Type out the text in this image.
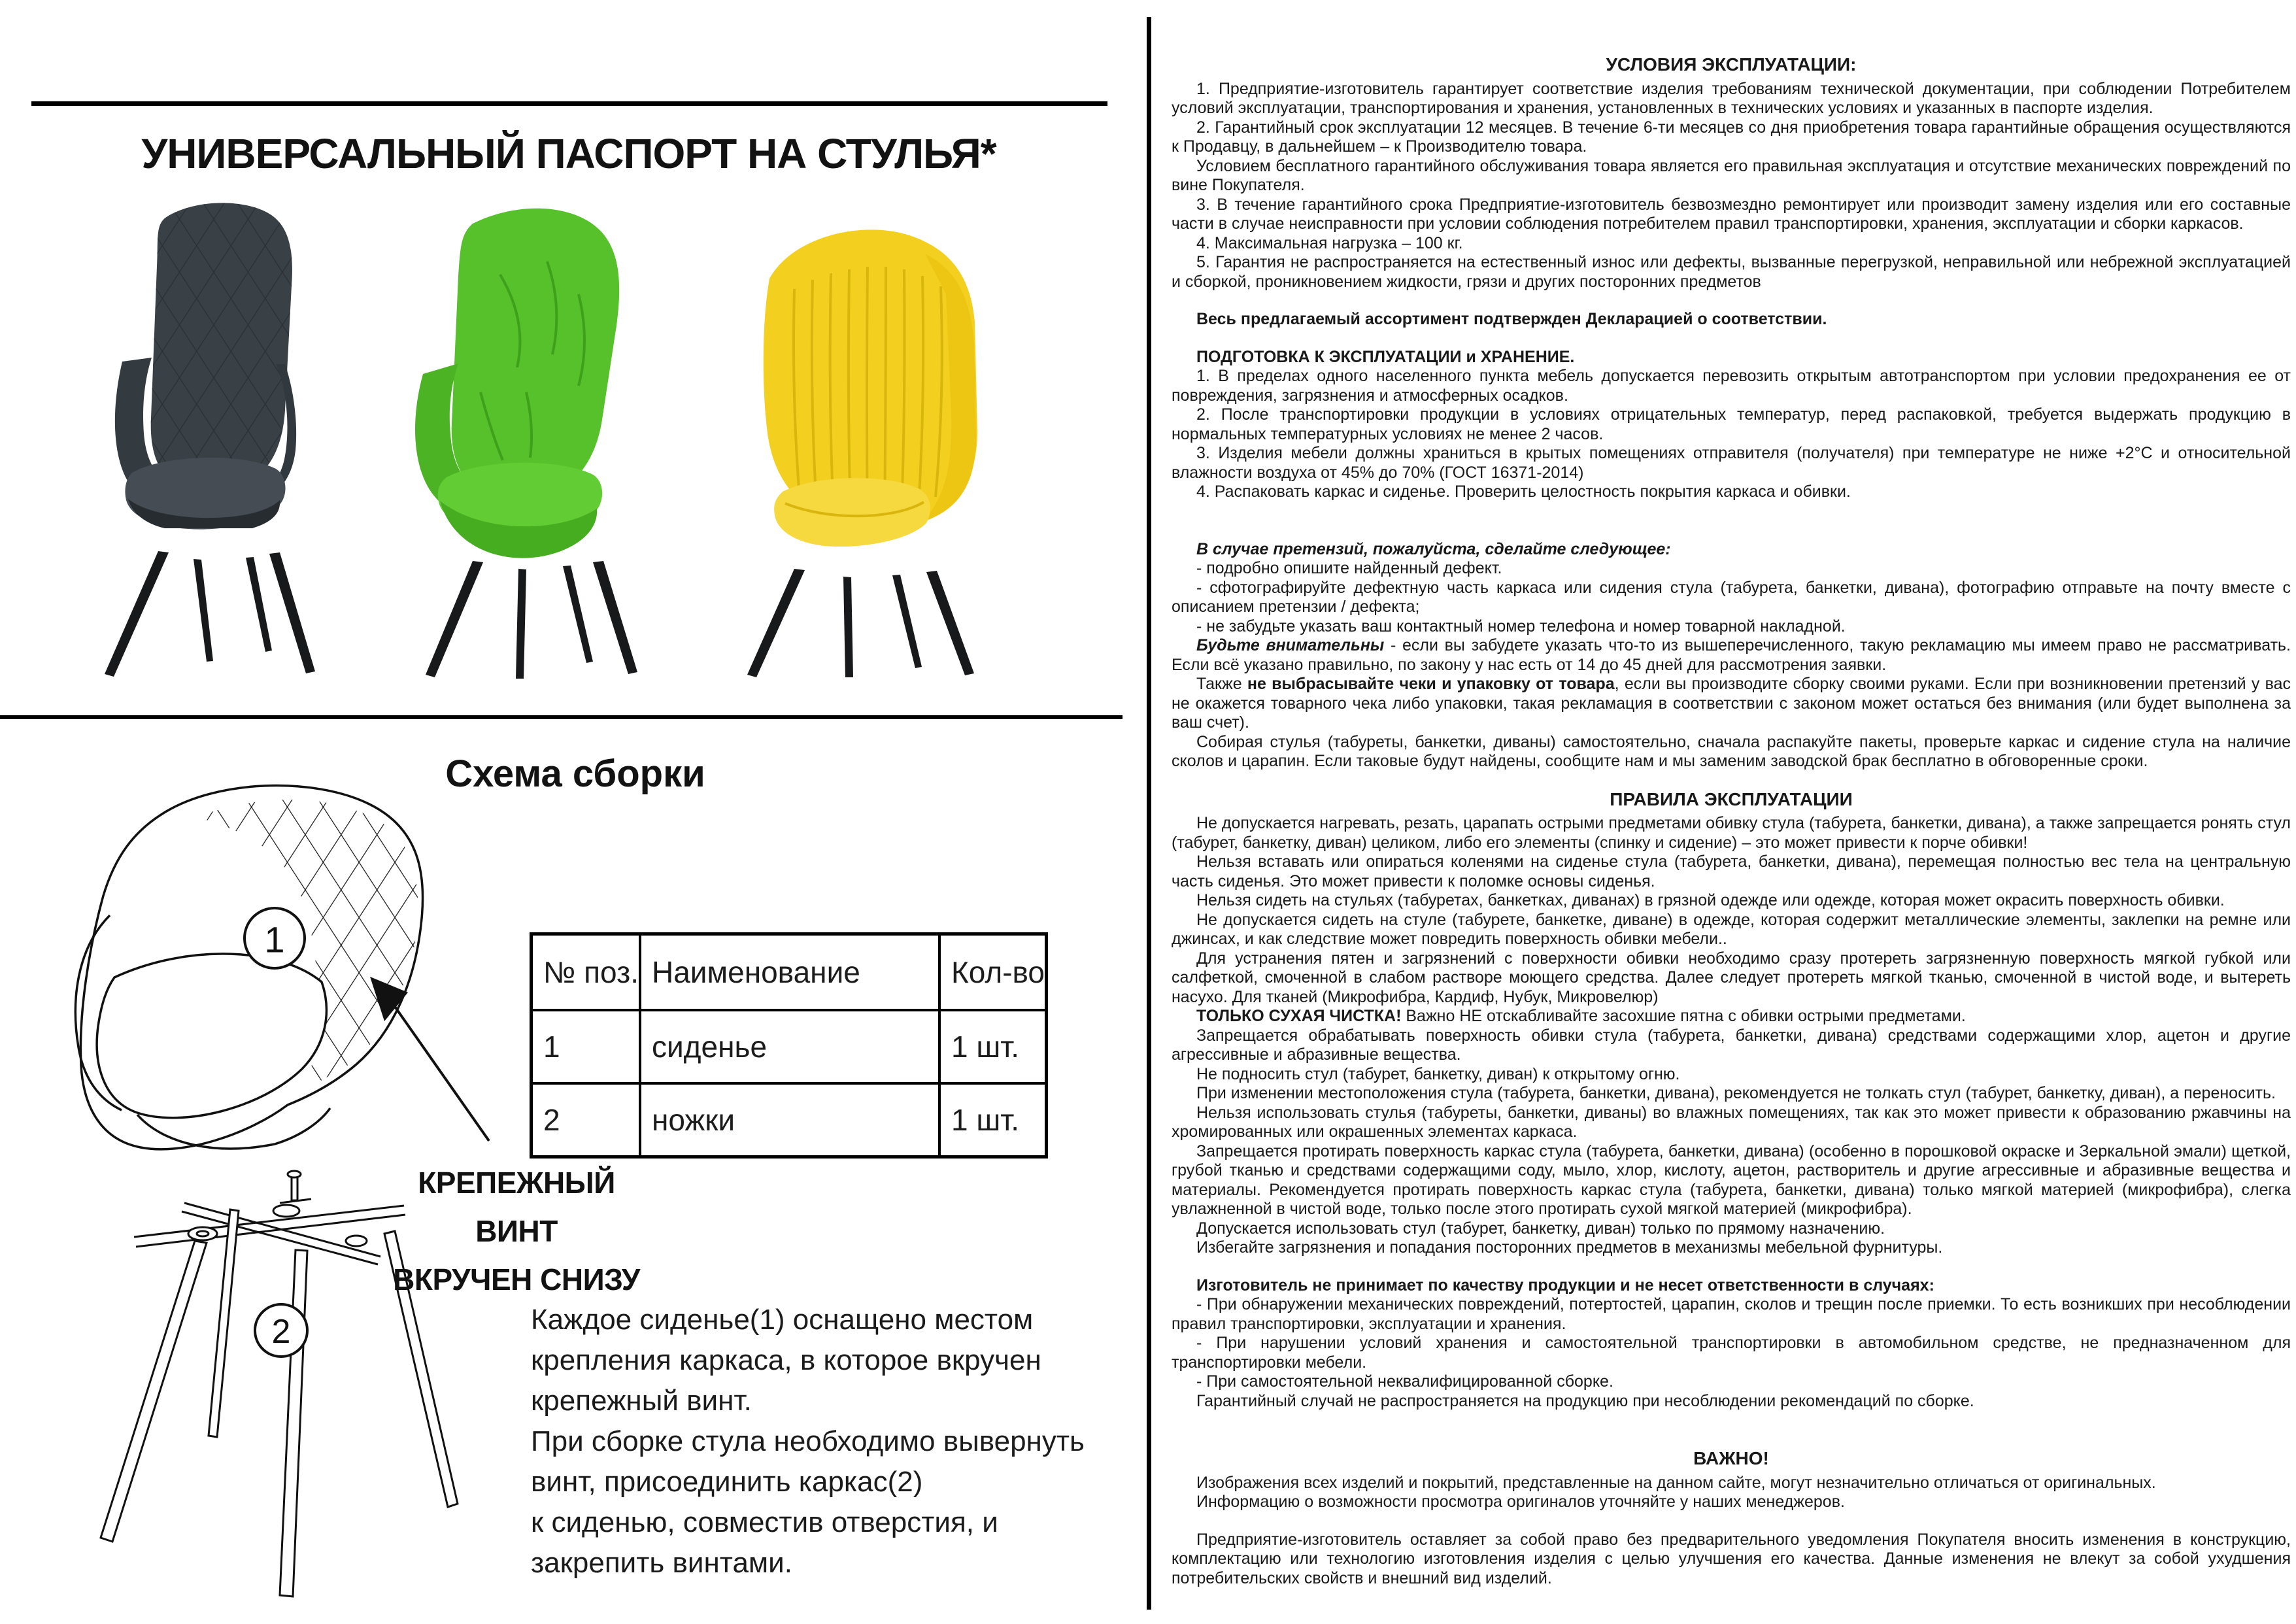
УНИВЕРСАЛЬНЫЙ ПАСПОРТ НА СТУЛЬЯ*
Схема сборки
№ поз.	Наименование	Кол-во
1	сиденье	1 шт.
2	ножки	1 шт.
1
2
КРЕПЕЖНЫЙ ВИНТ
ВКРУЧЕН СНИЗУ
Каждое сиденье(1) оснащено местом
крепления каркаса, в которое вкручен
крепежный винт.
При сборке стула необходимо вывернуть
винт, присоединить каркас(2)
к сиденью, совместив отверстия, и
закрепить винтами.
УСЛОВИЯ ЭКСПЛУАТАЦИИ:
1. Предприятие-изготовитель гарантирует соответствие изделия требованиям технической документации, при соблюдении Потребителем условий эксплуатации, транспортирования и хранения, установленных в технических условиях и указанных в паспорте изделия.
2. Гарантийный срок эксплуатации 12 месяцев. В течение 6-ти месяцев со дня приобретения товара гарантийные обращения осуществляются к Продавцу, в дальнейшем – к Производителю товара.
Условием бесплатного гарантийного обслуживания товара является его правильная эксплуатация и отсутствие механических повреждений по вине Покупателя.
3. В течение гарантийного срока Предприятие-изготовитель безвозмездно ремонтирует или производит замену изделия или его составные части в случае неисправности при условии соблюдения потребителем правил транспортировки, хранения, эксплуатации и сборки каркасов.
4. Максимальная нагрузка – 100 кг.
5. Гарантия не распространяется на естественный износ или дефекты, вызванные перегрузкой, неправильной или небрежной эксплуатацией и сборкой, проникновением жидкости, грязи и других посторонних предметов
Весь предлагаемый ассортимент подтвержден Декларацией о соответствии.
ПОДГОТОВКА К ЭКСПЛУАТАЦИИ и ХРАНЕНИЕ.
1. В пределах одного населенного пункта мебель допускается перевозить открытым автотранспортом при условии предохранения ее от повреждения, загрязнения и атмосферных осадков.
2. После транспортировки продукции в условиях отрицательных температур, перед распаковкой, требуется выдержать продукцию в нормальных температурных условиях не менее 2 часов.
3. Изделия мебели должны храниться в крытых помещениях отправителя (получателя) при температуре не ниже +2°С и относительной влажности воздуха от 45% до 70% (ГОСТ 16371-2014)
4. Распаковать каркас и сиденье. Проверить целостность покрытия каркаса и обивки.
В случае претензий, пожалуйста, сделайте следующее:
- подробно опишите найденный дефект.
- сфотографируйте дефектную часть каркаса или сидения стула (табурета, банкетки, дивана), фотографию отправьте на почту вместе с описанием претензии / дефекта;
- не забудьте указать ваш контактный номер телефона и номер товарной накладной.
Будьте внимательны - если вы забудете указать что-то из вышеперечисленного, такую рекламацию мы имеем право не рассматривать. Если всё указано правильно, по закону у нас есть от 14 до 45 дней для рассмотрения заявки.
Также не выбрасывайте чеки и упаковку от товара, если вы производите сборку своими руками. Если при возникновении претензий у вас не окажется товарного чека либо упаковки, такая рекламация в соответствии с законом может остаться без внимания (или будет выполнена за ваш счет).
Собирая стулья (табуреты, банкетки, диваны) самостоятельно, сначала распакуйте пакеты, проверьте каркас и сидение стула на наличие сколов и царапин. Если таковые будут найдены, сообщите нам и мы заменим заводской брак бесплатно в обговоренные сроки.
ПРАВИЛА ЭКСПЛУАТАЦИИ
Не допускается нагревать, резать, царапать острыми предметами обивку стула (табурета, банкетки, дивана), а также запрещается ронять стул (табурет, банкетку, диван) целиком, либо его элементы (спинку и сидение) – это может привести к порче обивки!
Нельзя вставать или опираться коленями на сиденье стула (табурета, банкетки, дивана), перемещая полностью вес тела на центральную часть сиденья. Это может привести к поломке основы сиденья.
Нельзя сидеть на стульях (табуретах, банкетках, диванах) в грязной одежде или одежде, которая может окрасить поверхность обивки.
Не допускается сидеть на стуле (табурете, банкетке, диване) в одежде, которая содержит металлические элементы, заклепки на ремне или джинсах, и как следствие может повредить поверхность обивки мебели..
Для устранения пятен и загрязнений с поверхности обивки необходимо сразу протереть загрязненную поверхность мягкой губкой или салфеткой, смоченной в слабом растворе моющего средства. Далее следует протереть мягкой тканью, смоченной в чистой воде, и вытереть насухо. Для тканей (Микрофибра, Кардиф, Нубук, Микровелюр)
ТОЛЬКО СУХАЯ ЧИСТКА! Важно НЕ отскабливайте засохшие пятна с обивки острыми предметами.
Запрещается обрабатывать поверхность обивки стула (табурета, банкетки, дивана) средствами содержащими хлор, ацетон и другие агрессивные и абразивные вещества.
Не подносить стул (табурет, банкетку, диван) к открытому огню.
При изменении местоположения стула (табурета, банкетки, дивана), рекомендуется не толкать стул (табурет, банкетку, диван), а переносить.
Нельзя использовать стулья (табуреты, банкетки, диваны) во влажных помещениях, так как это может привести к образованию ржавчины на хромированных или окрашенных элементах каркаса.
Запрещается протирать поверхность каркас стула (табурета, банкетки, дивана) (особенно в порошковой окраске и Зеркальной эмали) щеткой, грубой тканью и средствами содержащими соду, мыло, хлор, кислоту, ацетон, растворитель и другие агрессивные и абразивные вещества и материалы. Рекомендуется протирать поверхность каркас стула (табурета, банкетки, дивана) только мягкой материей (микрофибра), слегка увлажненной в чистой воде, только после этого протирать сухой мягкой материей (микрофибра).
Допускается использовать стул (табурет, банкетку, диван) только по прямому назначению.
Избегайте загрязнения и попадания посторонних предметов в механизмы мебельной фурнитуры.
Изготовитель не принимает по качеству продукции и не несет ответственности в случаях:
- При обнаружении механических повреждений, потертостей, царапин, сколов и трещин после приемки. То есть возникших при несоблюдении правил транспортировки, эксплуатации и хранения.
- При нарушении условий хранения и самостоятельной транспортировки в автомобильном средстве, не предназначенном для транспортировки мебели.
- При самостоятельной неквалифицированной сборке.
Гарантийный случай не распространяется на продукцию при несоблюдении рекомендаций по сборке.
ВАЖНО!
Изображения всех изделий и покрытий, представленные на данном сайте, могут незначительно отличаться от оригинальных.
Информацию о возможности просмотра оригиналов уточняйте у наших менеджеров.
Предприятие-изготовитель оставляет за собой право без предварительного уведомления Покупателя вносить изменения в конструкцию, комплектацию или технологию изготовления изделия с целью улучшения его качества. Данные изменения не влекут за собой ухудшения потребительских свойств и внешний вид изделий.
